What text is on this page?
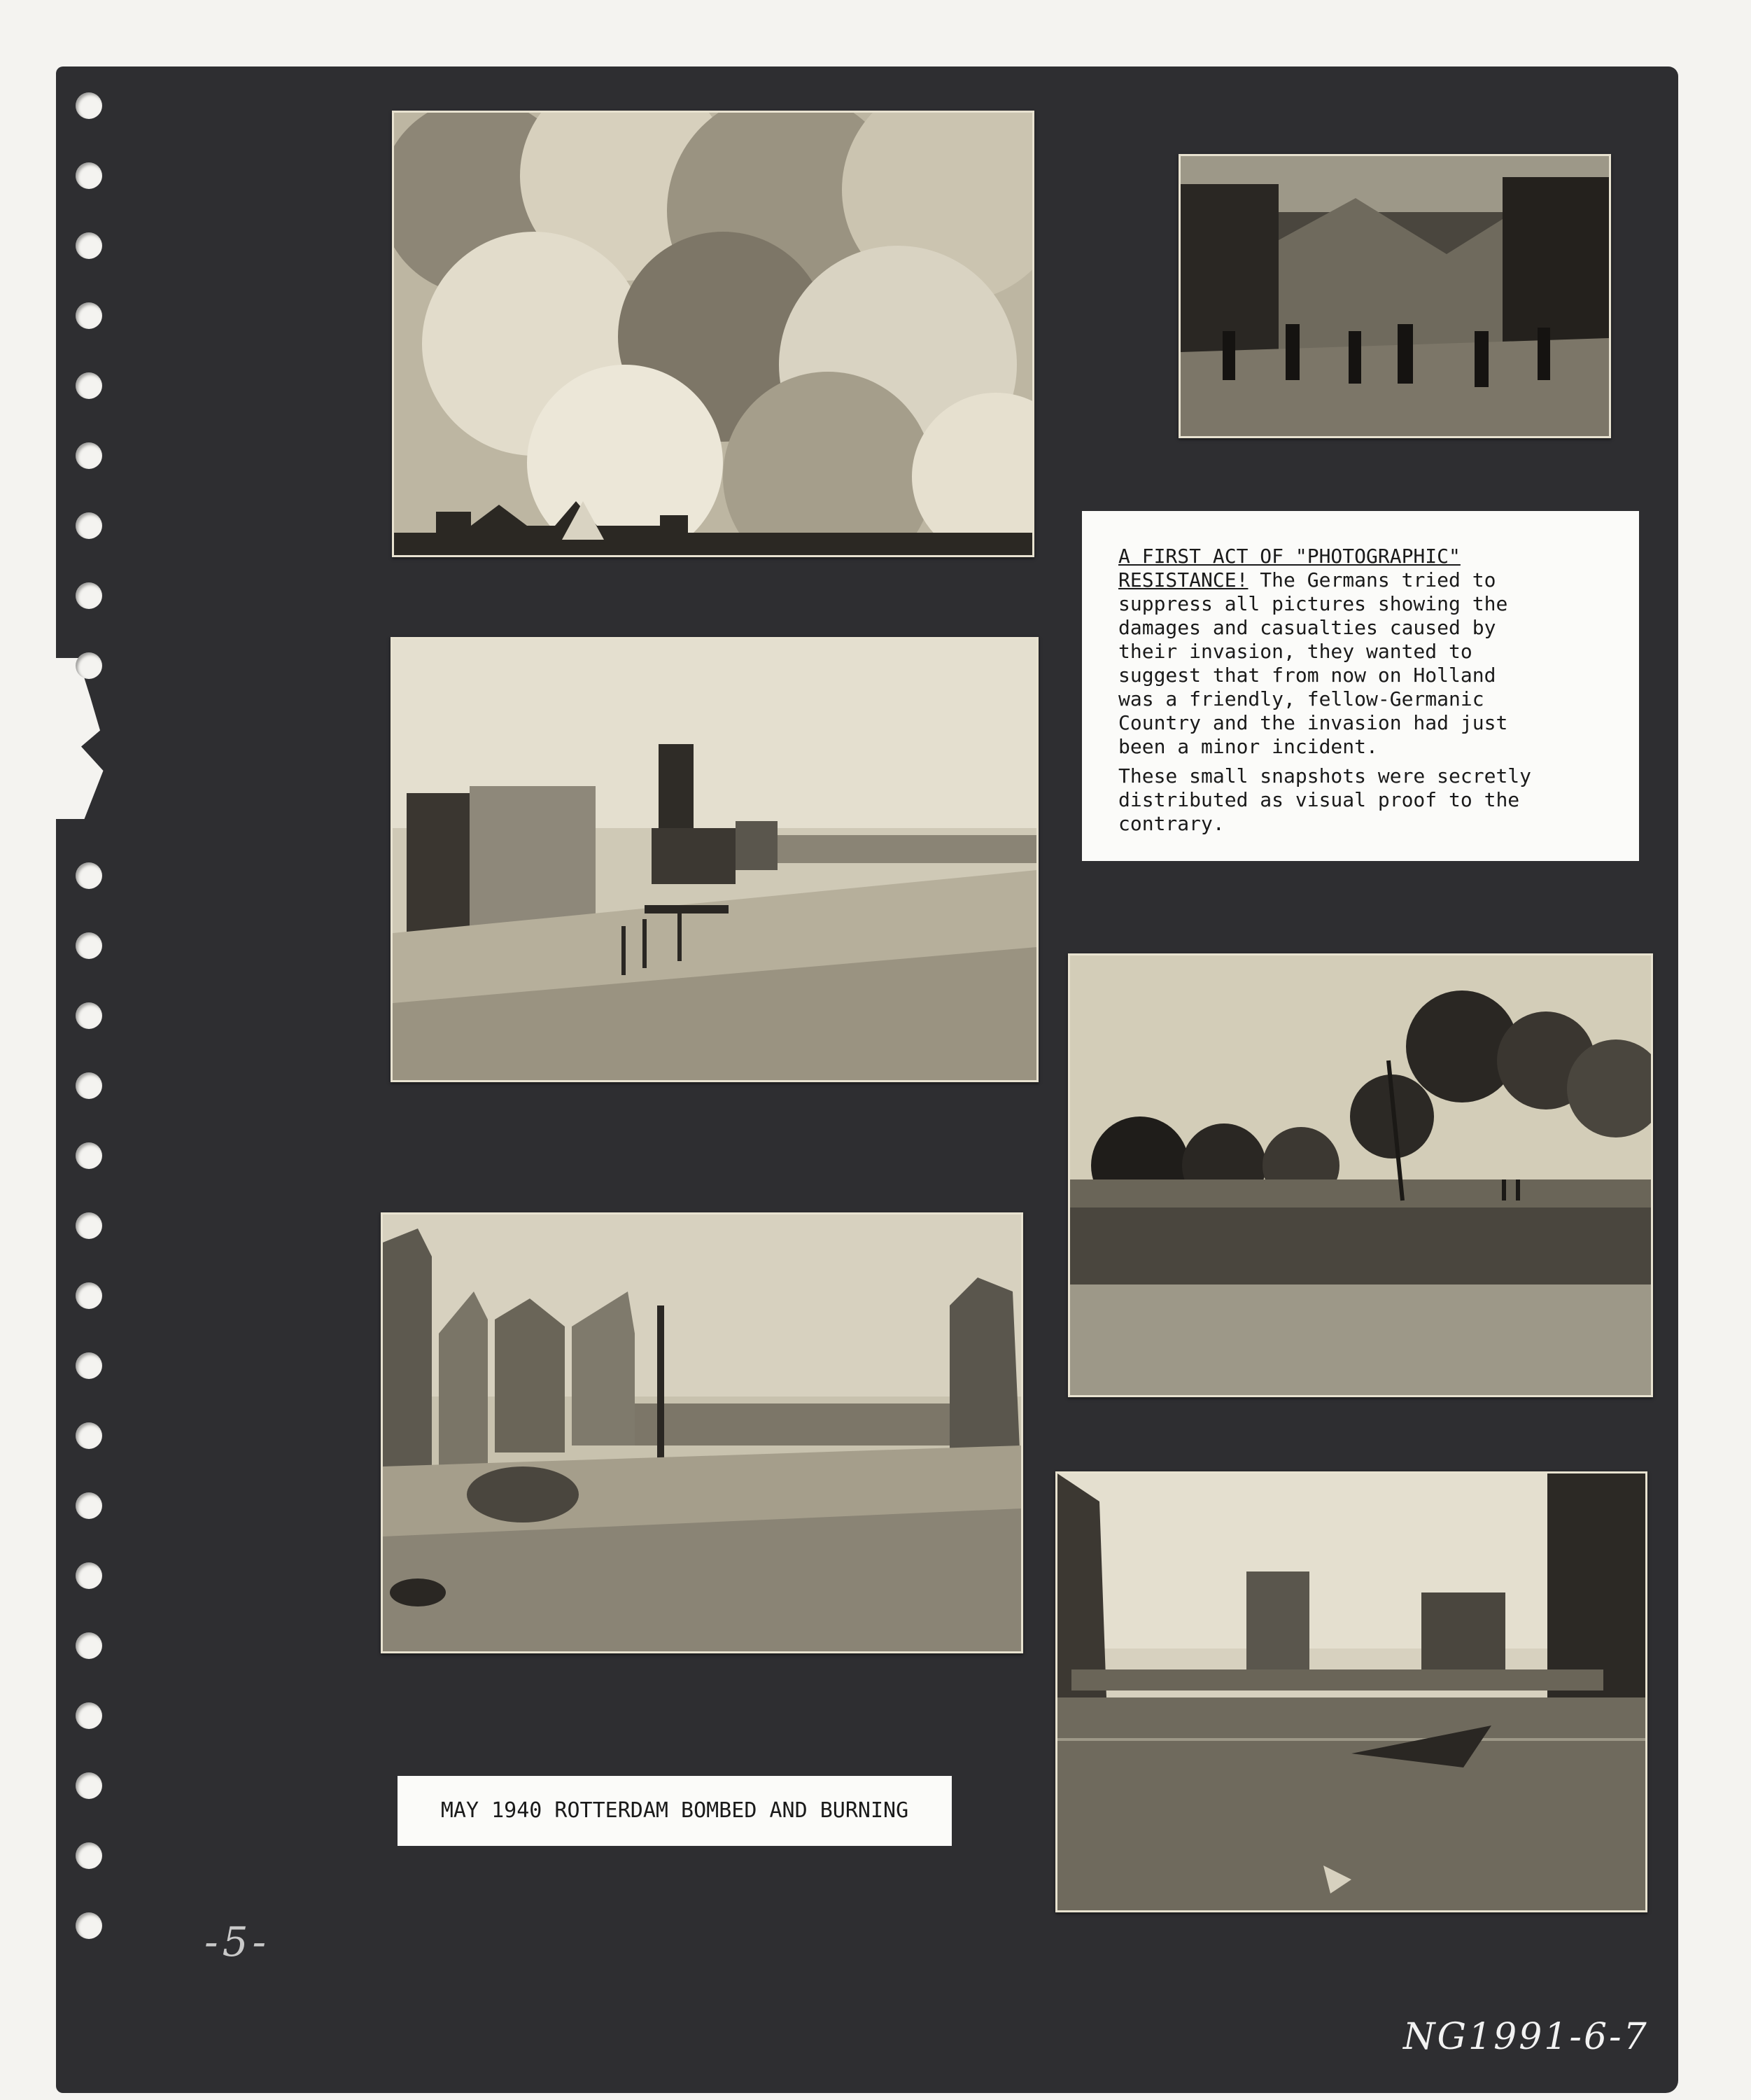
A FIRST ACT OF "PHOTOGRAPHIC"
RESISTANCE! The Germans tried to
suppress all pictures showing the
damages and casualties caused by
their invasion, they wanted to
suggest that from now on Holland
was a friendly, fellow-Germanic
Country and the invasion had just
been a minor incident.
These small snapshots were secretly
distributed as visual proof to the
contrary.
MAY 1940 ROTTERDAM BOMBED AND BURNING
-5-
NG1991-6-7
